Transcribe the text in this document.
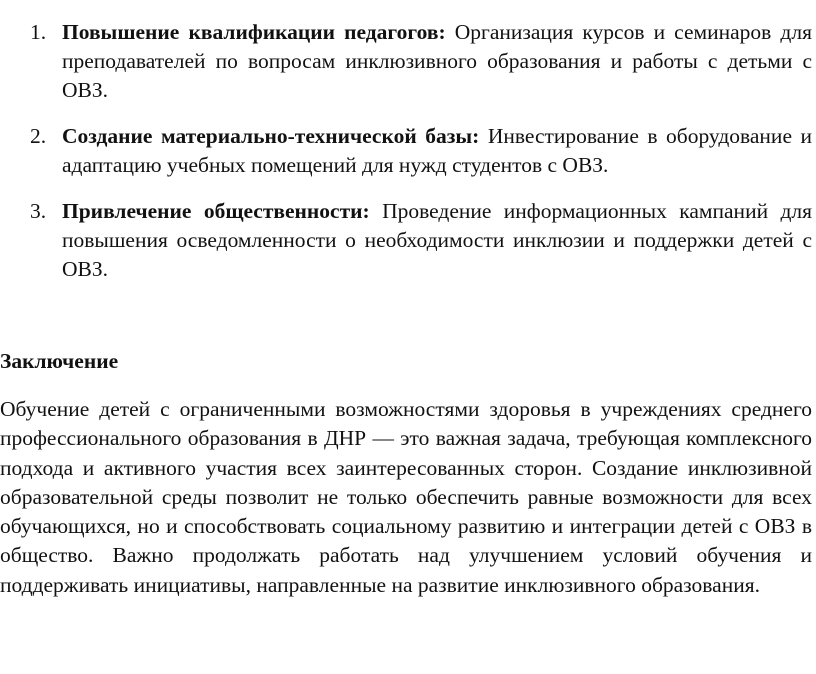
1. Повышение квалификации педагогов: Организация курсов и семинаров для преподавателей по вопросам инклюзивного образования и работы с детьми с ОВЗ.
2. Создание материально-технической базы: Инвестирование в оборудование и адаптацию учебных помещений для нужд студентов с ОВЗ.
3. Привлечение общественности: Проведение информационных кампаний для повышения осведомленности о необходимости инклюзии и поддержки детей с ОВЗ.
Заключение

Обучение детей с ограниченными возможностями здоровья в учреждениях среднего профессионального образования в ДНР — это важная задача, требующая комплексного подхода и активного участия всех заинтересованных сторон. Создание инклюзивной образовательной среды позволит не только обеспечить равные возможности для всех обучающихся, но и способствовать социальному развитию и интеграции детей с ОВЗ в общество. Важно продолжать работать над улучшением условий обучения и поддерживать инициативы, направленные на развитие инклюзивного образования.
